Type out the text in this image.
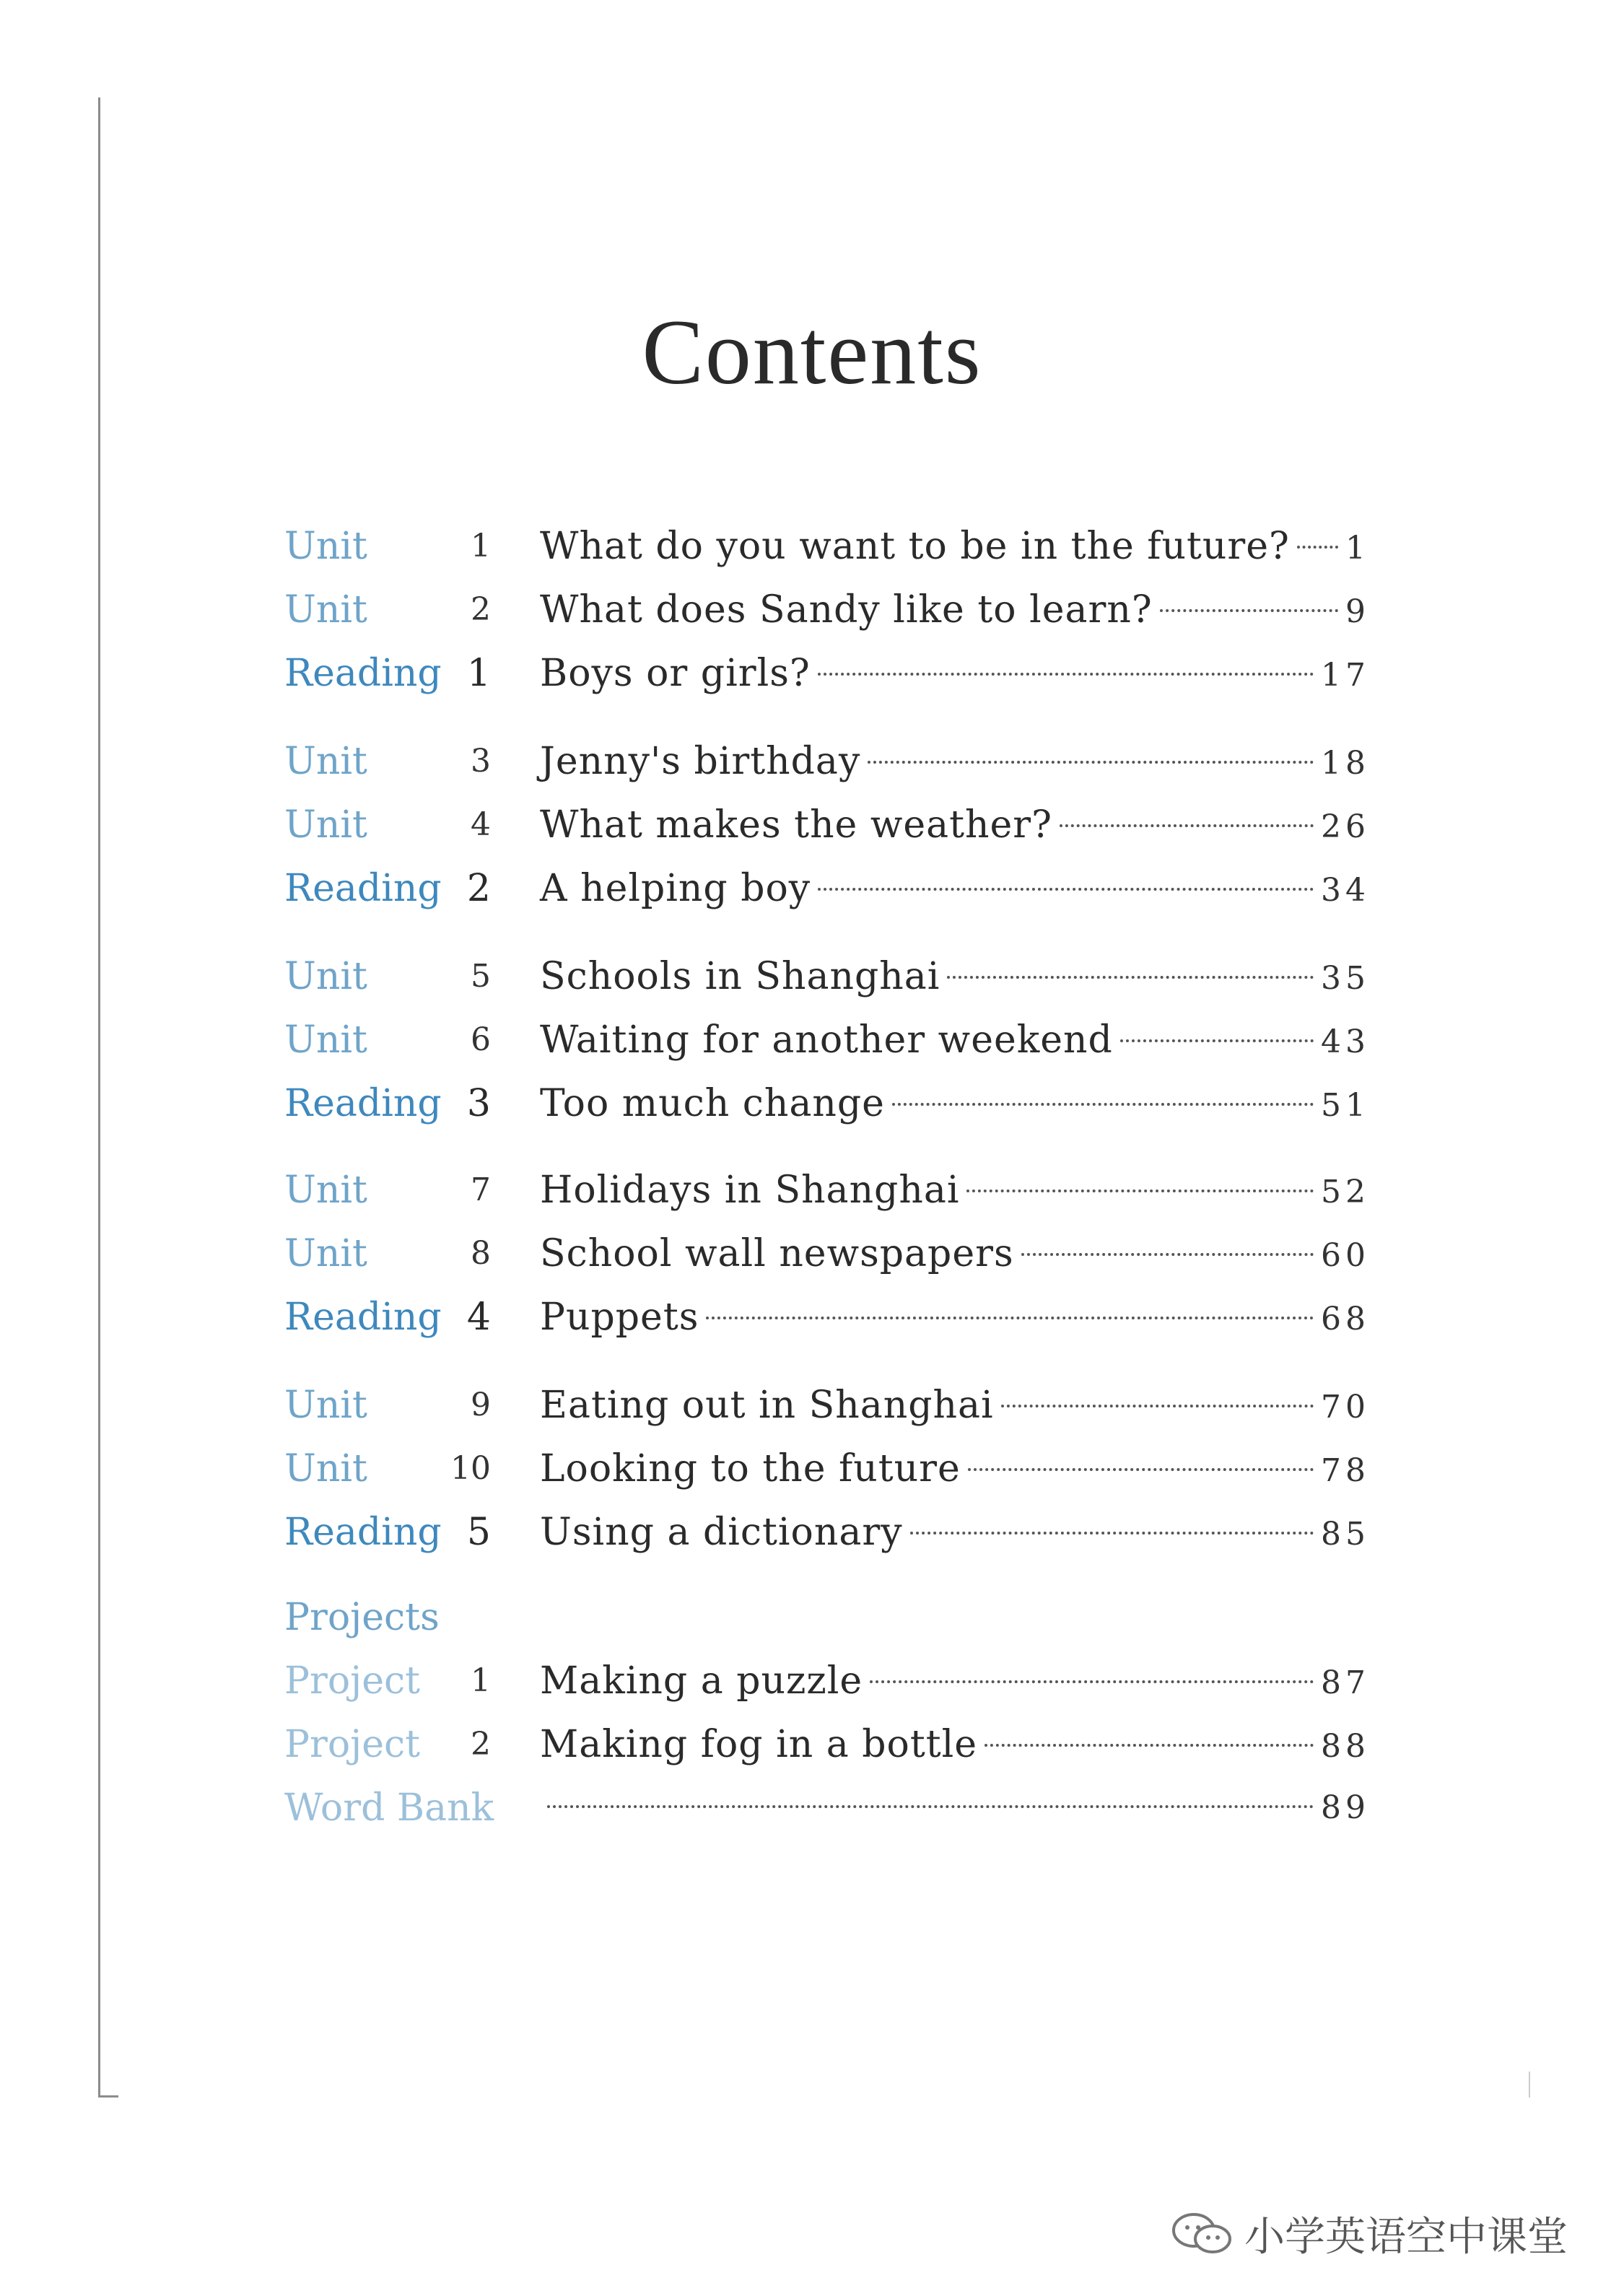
Contents
Unit	1 What do you want to be in the future? 1
Unit	2 What does Sandy like to learn?	9
Reading 1 Boys or girls?	17
Unit	3 Jenny's birthday	18
Unit	4 What makes the weather?	26
Reading 2 A helping boy	34
Unit	5 Schools in Shanghai	35
Unit	6 Waiting for another weekend	43
Reading 3 Too much change	51
Unit	7 Holidays in Shanghai	52
Unit	8 School wall newspapers	60
Reading 4 Puppets	68
Unit	9 Eating out in Shanghai	70
Unit	10 Looking to the future	78
Reading 5 Using a dictionary	85
Projects
Project	1 Making a puzzle	87
Project	2 Making fog in a bottle	88
Word Bank	89
小学英语空中课堂
